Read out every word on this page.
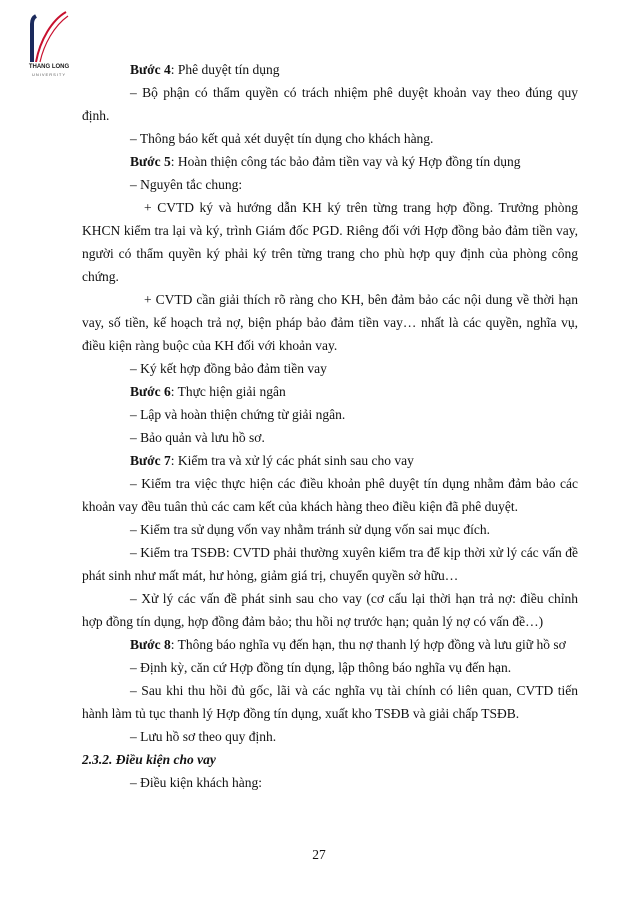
THANG LONG
UNIVERSITY	Bước 4: Phê duyệt tín dụng

‒ Bộ phận có thẩm quyền có trách nhiệm phê duyệt khoản vay theo đúng quy định.

‒ Thông báo kết quả xét duyệt tín dụng cho khách hàng.

Bước 5: Hoàn thiện công tác bảo đảm tiền vay và ký Hợp đồng tín dụng

‒ Nguyên tắc chung:

+ CVTD ký và hướng dẫn KH ký trên từng trang hợp đồng. Trưởng phòng KHCN kiểm tra lại và ký, trình Giám đốc PGD. Riêng đối với Hợp đồng bảo đảm tiền vay, người có thẩm quyền ký phải ký trên từng trang cho phù hợp quy định của phòng công chứng.

+ CVTD cần giải thích rõ ràng cho KH, bên đảm bảo các nội dung về thời hạn vay, số tiền, kế hoạch trả nợ, biện pháp bảo đảm tiền vay… nhất là các quyền, nghĩa vụ, điều kiện ràng buộc của KH đối với khoản vay.

‒ Ký kết hợp đồng bảo đảm tiền vay

Bước 6: Thực hiện giải ngân

‒ Lập và hoàn thiện chứng từ giải ngân.

‒ Bảo quản và lưu hồ sơ.

Bước 7: Kiểm tra và xử lý các phát sinh sau cho vay

‒ Kiểm tra việc thực hiện các điều khoản phê duyệt tín dụng nhằm đảm bảo các khoản vay đều tuân thủ các cam kết của khách hàng theo điều kiện đã phê duyệt.

‒ Kiểm tra sử dụng vốn vay nhằm tránh sử dụng vốn sai mục đích.

‒ Kiểm tra TSĐB: CVTD phải thường xuyên kiểm tra để kịp thời xử lý các vấn đề phát sinh như mất mát, hư hỏng, giảm giá trị, chuyển quyền sở hữu…

‒ Xử lý các vấn đề phát sinh sau cho vay (cơ cấu lại thời hạn trả nợ: điều chỉnh hợp đồng tín dụng, hợp đồng đảm bảo; thu hồi nợ trước hạn; quản lý nợ có vấn đề…)

Bước 8: Thông báo nghĩa vụ đến hạn, thu nợ thanh lý hợp đồng và lưu giữ hồ sơ

‒ Định kỳ, căn cứ Hợp đồng tín dụng, lập thông báo nghĩa vụ đến hạn.

‒ Sau khi thu hồi đủ gốc, lãi và các nghĩa vụ tài chính có liên quan, CVTD tiến hành làm tủ tục thanh lý Hợp đồng tín dụng, xuất kho TSĐB và giải chấp TSĐB.

‒ Lưu hồ sơ theo quy định.

2.3.2. Điều kiện cho vay

‒ Điều kiện khách hàng:

27
